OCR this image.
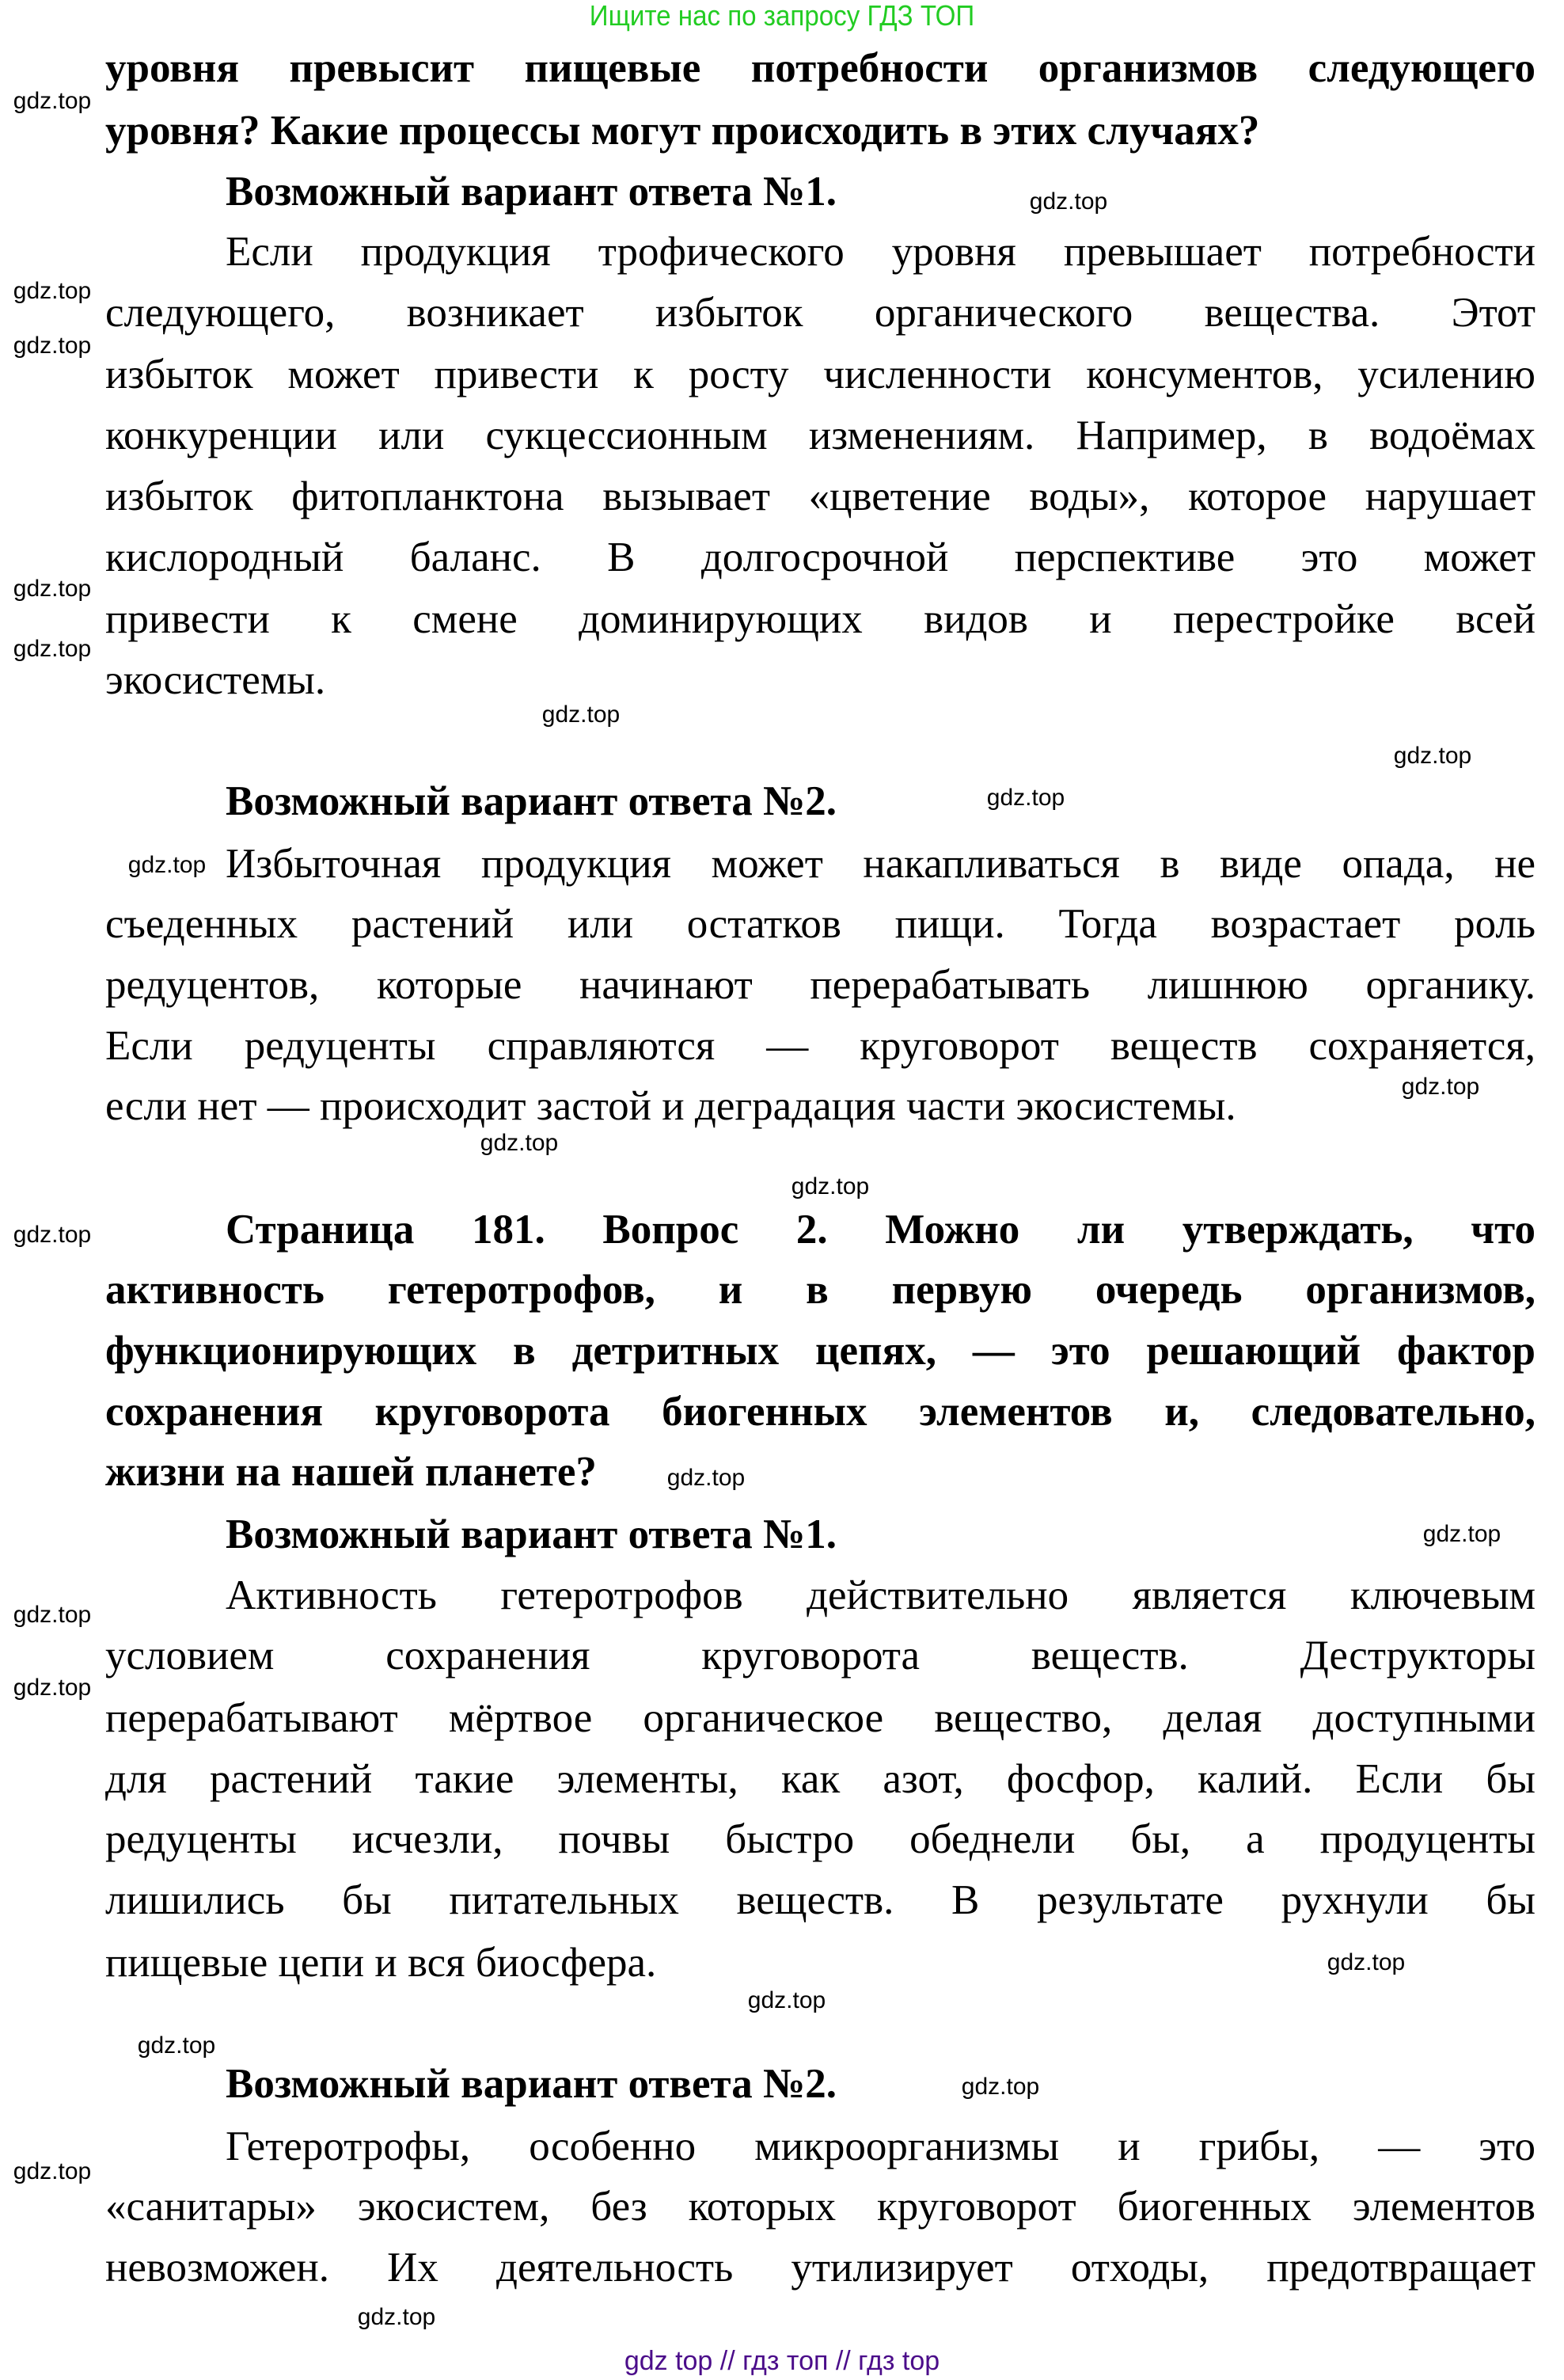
Ищите нас по запросу ГДЗ ТОП
уровня превысит пищевые потребности организмов следующего
уровня? Какие процессы могут происходить в этих случаях?
Возможный вариант ответа №1.
Если продукция трофического уровня превышает потребности
следующего, возникает избыток органического вещества. Этот
избыток может привести к росту численности консументов, усилению
конкуренции или сукцессионным изменениям. Например, в водоёмах
избыток фитопланктона вызывает «цветение воды», которое нарушает
кислородный баланс. В долгосрочной перспективе это может
привести к смене доминирующих видов и перестройке всей
экосистемы.
Возможный вариант ответа №2.
Избыточная продукция может накапливаться в виде опада, не
съеденных растений или остатков пищи. Тогда возрастает роль
редуцентов, которые начинают перерабатывать лишнюю органику.
Если редуценты справляются — круговорот веществ сохраняется,
если нет — происходит застой и деградация части экосистемы.
Страница 181. Вопрос 2. Можно ли утверждать, что
активность гетеротрофов, и в первую очередь организмов,
функционирующих в детритных цепях, — это решающий фактор
сохранения круговорота биогенных элементов и, следовательно,
жизни на нашей планете?
Возможный вариант ответа №1.
Активность гетеротрофов действительно является ключевым
условием сохранения круговорота веществ. Деструкторы
перерабатывают мёртвое органическое вещество, делая доступными
для растений такие элементы, как азот, фосфор, калий. Если бы
редуценты исчезли, почвы быстро обеднели бы, а продуценты
лишились бы питательных веществ. В результате рухнули бы
пищевые цепи и вся биосфера.
Возможный вариант ответа №2.
Гетеротрофы, особенно микроорганизмы и грибы, — это
«санитары» экосистем, без которых круговорот биогенных элементов
невозможен. Их деятельность утилизирует отходы, предотвращает
gdz.top
gdz.top
gdz.top
gdz.top
gdz.top
gdz.top
gdz.top
gdz.top
gdz.top
gdz.top
gdz.top
gdz.top
gdz.top
gdz.top
gdz.top
gdz.top
gdz.top
gdz.top
gdz.top
gdz.top
gdz.top
gdz.top
gdz.top
gdz.top
gdz top // гдз топ // гдз top
